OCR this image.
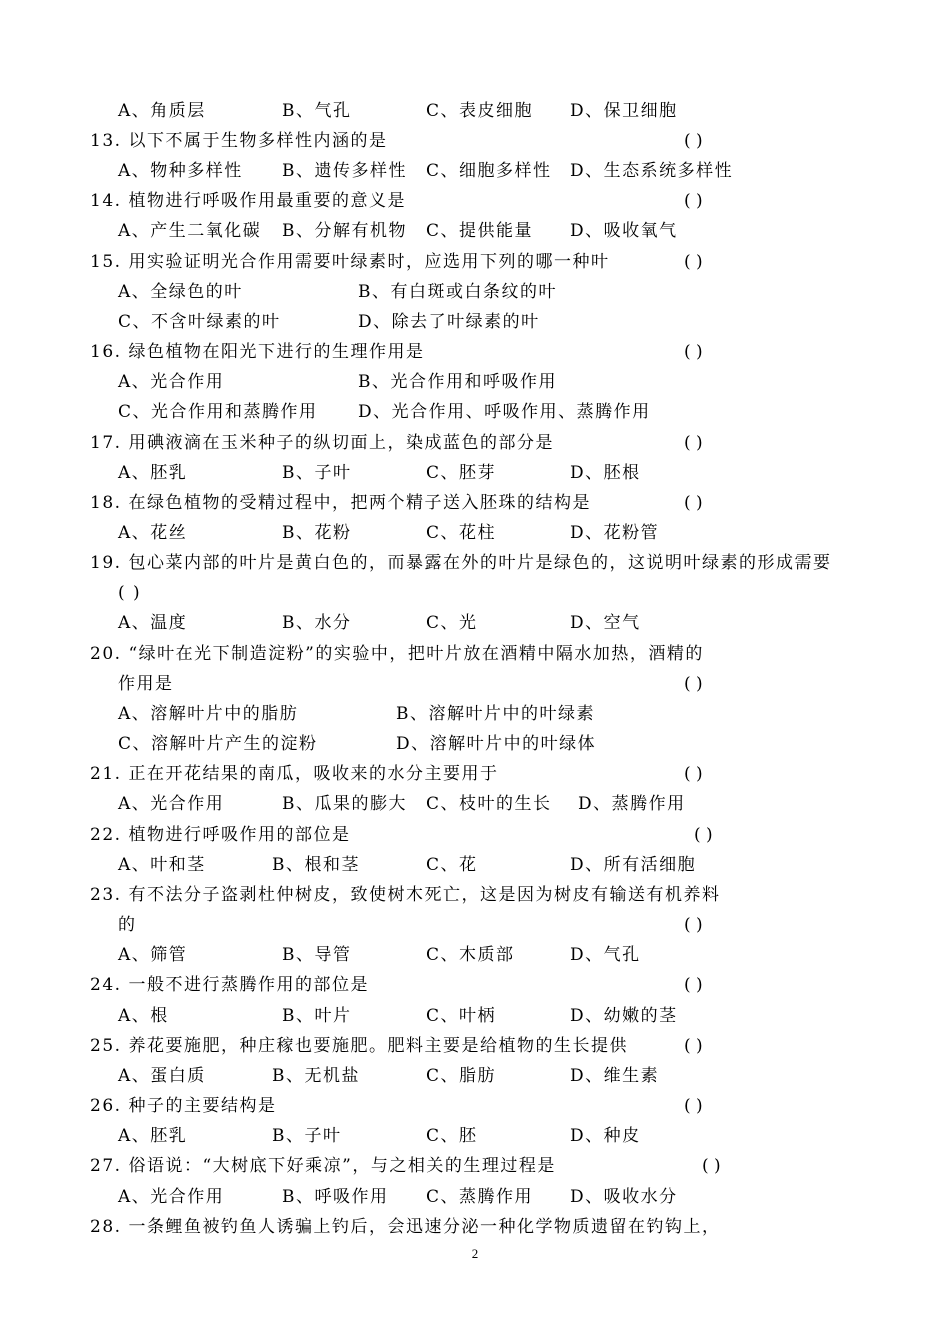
A、角质层	B、气孔	C、表皮细胞 D、保卫细胞
13. 以下不属于生物多样性内涵的是	( )
A、物种多样性 B、遗传多样性 C、细胞多样性 D、生态系统多样性
14. 植物进行呼吸作用最重要的意义是	( )
A、产生二氧化碳 B、分解有机物 C、提供能量 D、吸收氧气
15. 用实验证明光合作用需要叶绿素时，应选用下列的哪一种叶	( )
A、全绿色的叶	B、有白斑或白条纹的叶
C、不含叶绿素的叶	D、除去了叶绿素的叶
16. 绿色植物在阳光下进行的生理作用是	( )
A、光合作用	B、光合作用和呼吸作用
C、光合作用和蒸腾作用 D、光合作用、呼吸作用、蒸腾作用
17. 用碘液滴在玉米种子的纵切面上，染成蓝色的部分是	( )
A、胚乳	B、子叶	C、胚芽	D、胚根
18. 在绿色植物的受精过程中，把两个精子送入胚珠的结构是	( )
A、花丝	B、花粉	C、花柱	D、花粉管
19. 包心菜内部的叶片是黄白色的，而暴露在外的叶片是绿色的，这说明叶绿素的形成需要
( )
A、温度	B、水分	C、光	D、空气
20. “绿叶在光下制造淀粉”的实验中，把叶片放在酒精中隔水加热，酒精的
作用是	( )
A、溶解叶片中的脂肪	B、溶解叶片中的叶绿素
C、溶解叶片产生的淀粉	D、溶解叶片中的叶绿体
21. 正在开花结果的南瓜，吸收来的水分主要用于	( )
A、光合作用	B、瓜果的膨大 C、枝叶的生长 D、蒸腾作用
22. 植物进行呼吸作用的部位是	( )
A、叶和茎	B、根和茎	C、花	D、所有活细胞
23. 有不法分子盗剥杜仲树皮，致使树木死亡，这是因为树皮有输送有机养料
的	( )
A、筛管	B、导管	C、木质部	D、气孔
24. 一般不进行蒸腾作用的部位是	( )
A、根	B、叶片	C、叶柄	D、幼嫩的茎
25. 养花要施肥，种庄稼也要施肥。肥料主要是给植物的生长提供	( )
A、蛋白质	B、无机盐	C、脂肪	D、维生素
26. 种子的主要结构是	( )
A、胚乳	B、子叶	C、胚	D、种皮
27. 俗语说：“大树底下好乘凉”，与之相关的生理过程是	( )
A、光合作用	B、呼吸作用 C、蒸腾作用 D、吸收水分
28. 一条鲤鱼被钓鱼人诱骗上钓后，会迅速分泌一种化学物质遗留在钓钩上，
2
